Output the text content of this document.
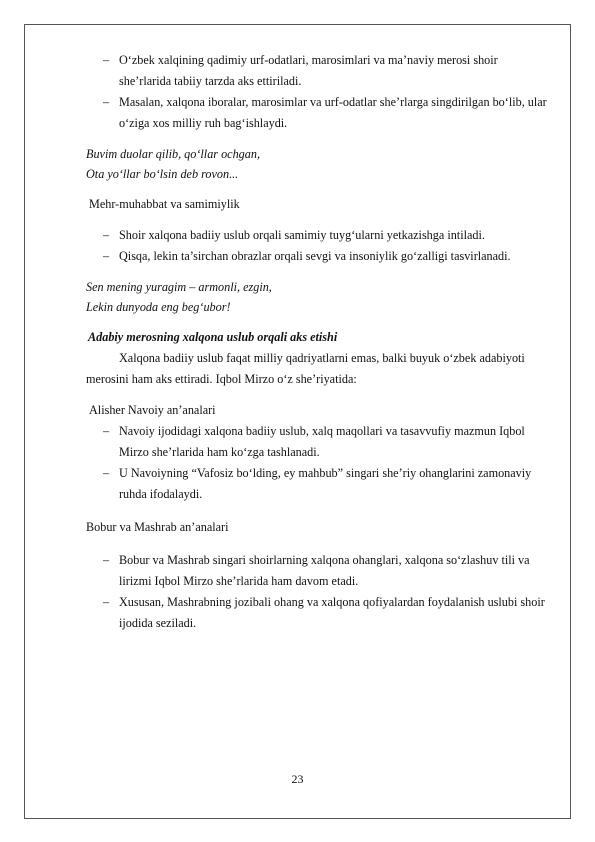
– O‘zbek xalqining qadimiy urf-odatlari, marosimlari va ma’naviy merosi shoir she’rlarida tabiiy tarzda aks ettiriladi.
– Masalan, xalqona iboralar, marosimlar va urf-odatlar she’rlarga singdirilgan bo‘lib, ular o‘ziga xos milliy ruh bag‘ishlaydi.
Buvim duolar qilib, qo‘llar ochgan,
Ota yo‘llar bo‘lsin deb rovon...
Mehr-muhabbat va samimiylik
– Shoir xalqona badiiy uslub orqali samimiy tuyg‘ularni yetkazishga intiladi.
– Qisqa, lekin ta’sirchan obrazlar orqali sevgi va insoniylik go‘zalligi tasvirlanadi.
Sen mening yuragim – armonli, ezgin,
Lekin dunyoda eng beg‘ubor!
Adabiy merosning xalqona uslub orqali aks etishi
Xalqona badiiy uslub faqat milliy qadriyatlarni emas, balki buyuk o‘zbek adabiyoti merosini ham aks ettiradi. Iqbol Mirzo o‘z she’riyatida:
Alisher Navoiy an’analari
– Navoiy ijodidagi xalqona badiiy uslub, xalq maqollari va tasavvufiy mazmun Iqbol Mirzo she’rlarida ham ko‘zga tashlanadi.
– U Navoiyning “Vafosiz bo‘lding, ey mahbub” singari she’riy ohanglarini zamonaviy ruhda ifodalaydi.
Bobur va Mashrab an’analari
– Bobur va Mashrab singari shoirlarning xalqona ohanglari, xalqona so‘zlashuv tili va lirizmi Iqbol Mirzo she’rlarida ham davom etadi.
– Xususan, Mashrabning jozibali ohang va xalqona qofiyalardan foydalanish uslubi shoir ijodida seziladi.
23
